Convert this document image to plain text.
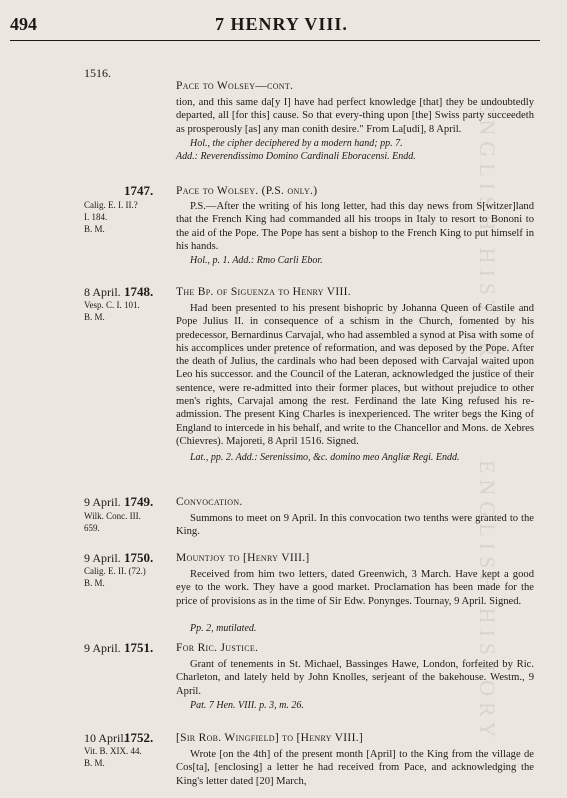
ENGLISH HISTORY
ENGLISH HISTORY
494	7 HENRY VIII.
1516.
Pace to Wolsey—cont.
tion, and this same da[y I] have had perfect knowledge [that] they be undoubtedly departed, all [for this] cause. So that every-thing upon [the] Swiss party succeedeth as prosperously [as] any man conith desire." From La[udi], 8 April.
Hol., the cipher deciphered by a modern hand; pp. 7.
Add.: Reverendissimo Domino Cardinali Eboracensi. Endd.
1747.
Calig. E. I. II.?
I. 184.
B. M.
Pace to Wolsey. (P.S. only.)
P.S.—After the writing of his long letter, had this day news from S[witzer]land that the French King had commanded all his troops in Italy to resort to Bononi to the aid of the Pope. The Pope has sent a bishop to the French King to put himself in his hands.
Hol., p. 1. Add.: Rmo Carli Ebor.
8 April. 1748.
Vesp. C. I. 101.
B. M.
The Bp. of Siguenza to Henry VIII.
Had been presented to his present bishopric by Johanna Queen of Castile and Pope Julius II. in consequence of a schism in the Church, fomented by his predecessor, Bernardinus Carvajal, who had assembled a synod at Pisa with some of his accomplices under pretence of reformation, and was deposed by the Pope. After the death of Julius, the cardinals who had been deposed with Carvajal waited upon Leo his successor. and the Council of the Lateran, acknowledged the justice of their sentence, were re-admitted into their former places, but without prejudice to other men's rights, Carvajal among the rest. Ferdinand the late King refused his re-admission. The present King Charles is inexperienced. The writer begs the King of England to intercede in his behalf, and write to the Chancellor and Mons. de Xebres (Chievres). Majoreti, 8 April 1516. Signed.
Lat., pp. 2. Add.: Serenissimo, &c. domino meo Angliæ Regi. Endd.
9 April. 1749.
Wilk. Conc. III.
659.
Convocation.
Summons to meet on 9 April. In this convocation two tenths were granted to the King.
9 April. 1750.
Calig. E. II. (72.)
B. M.
Mountjoy to [Henry VIII.]
Received from him two letters, dated Greenwich, 3 March. Have kept a good eye to the work. They have a good market. Proclamation has been made for the price of provisions as in the time of Sir Edw. Ponynges. Tournay, 9 April. Signed.
Pp. 2, mutilated.
9 April. 1751. For Ric. Justice.
Grant of tenements in St. Michael, Bassinges Hawe, London, forfeited by Ric. Charleton, and lately held by John Knolles, serjeant of the bakehouse. Westm., 9 April.
Pat. 7 Hen. VIII. p. 3, m. 26.
10 April.
1752.
Vit. B. XIX. 44.
B. M.
[Sir Rob. Wingfield] to [Henry VIII.]
Wrote [on the 4th] of the present month [April] to the King from the village de Cos[ta], [enclosing] a letter he had received from Pace, and acknowledging the King's letter dated [20] March,
